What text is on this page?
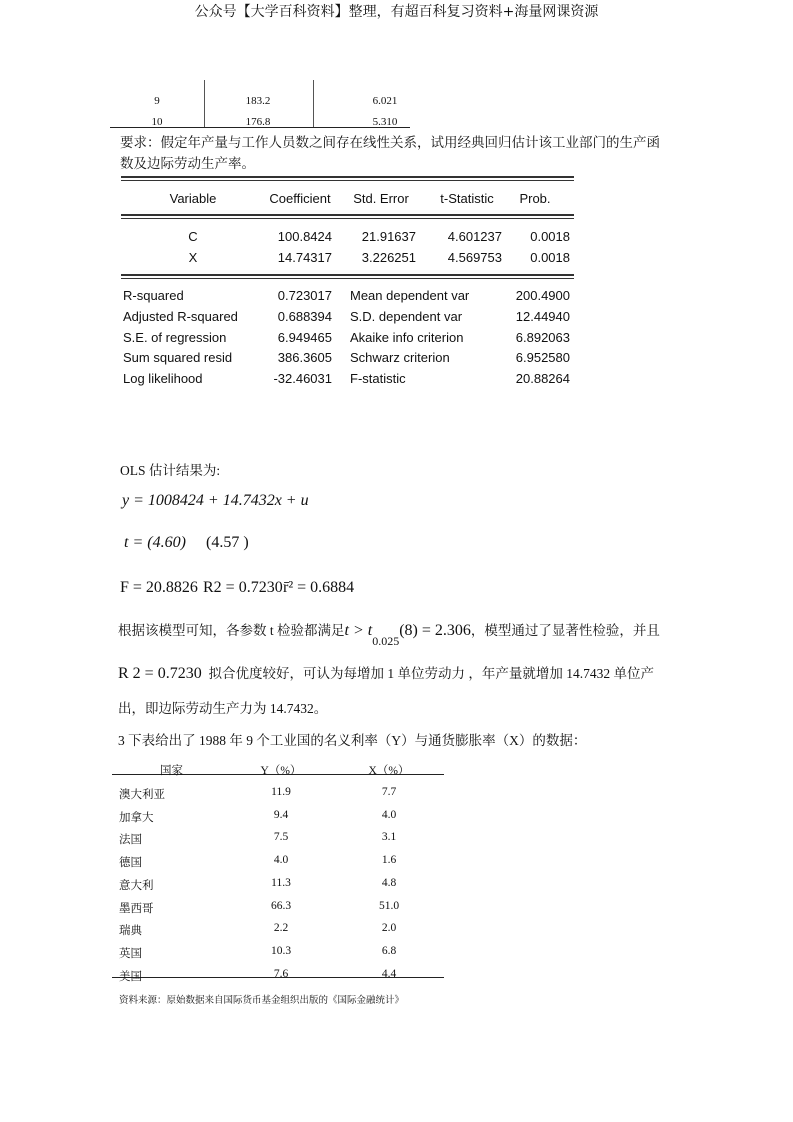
公众号【大学百科资料】整理，有超百科复习资料+海量网课资源
9	183.2	6.021
10	176.8	5.310
要求：假定年产量与工作人员数之间存在线性关系，试用经典回归估计该工业部门的生产函
数及边际劳动生产率。
Variable	Coefficient	Std. Error	t-Statistic	Prob.
C	100.8424	21.91637	4.601237	0.0018
X	14.74317	3.226251	4.569753	0.0018
R-squared	0.723017 Mean dependent var	200.4900
Adjusted R-squared	0.688394 S.D. dependent var	12.44940
S.E. of regression	6.949465 Akaike info criterion	6.892063
Sum squared resid	386.3605 Schwarz criterion	6.952580
Log likelihood	-32.46031 F-statistic	20.88264
OLS 估计结果为:
y = 1008424 + 14.7432x + u
t = (4.60) (4.57 )
F = 20.8826 R2 = 0.7230 r̄² = 0.6884
根据该模型可知，各参数 t 检验都满足$t > t_{0.025}(8) = 2.306$，模型通过了显著性检验，并且
R 2 = 0.7230 拟合优度较好，可认为每增加 1 单位劳动力 ，年产量就增加 14.7432 单位产
出，即边际劳动生产力为 14.7432。
3 下表给出了 1988 年 9 个工业国的名义利率（Y）与通货膨胀率（X）的数据：
国家	Y（%）	X（%）
澳大利亚	11.9	7.7
加拿大	9.4	4.0
法国	7.5	3.1
德国	4.0	1.6
意大利	11.3	4.8
墨西哥	66.3	51.0
瑞典	2.2	2.0
英国	10.3	6.8
美国	7.6	4.4
资料来源：原始数据来自国际货币基金组织出版的《国际金融统计》
